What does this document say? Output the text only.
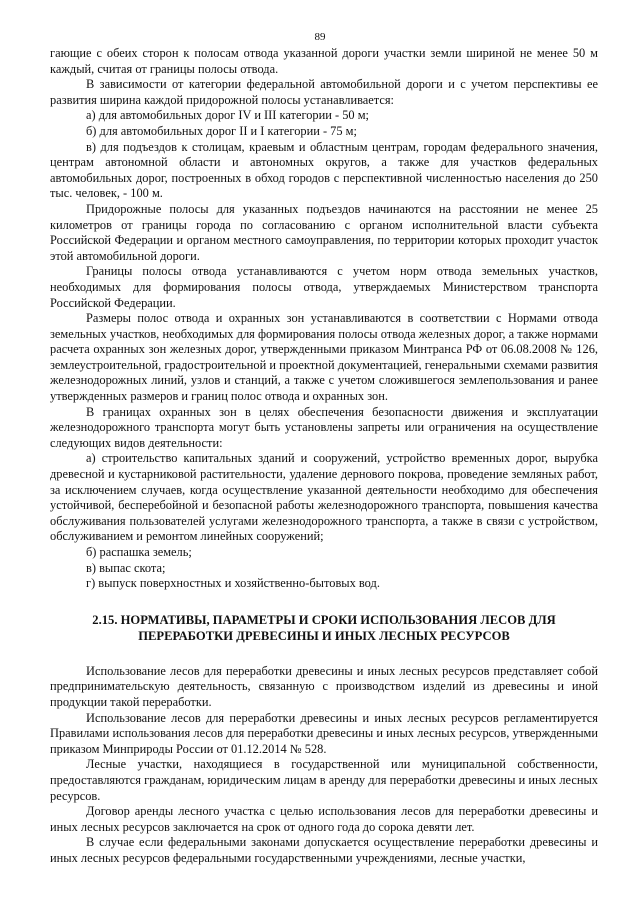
89

гающие с обеих сторон к полосам отвода указанной дороги участки земли шириной не менее 50 м каждый, считая от границы полосы отвода.

В зависимости от категории федеральной автомобильной дороги и с учетом перспективы ее развития ширина каждой придорожной полосы устанавливается:

а) для автомобильных дорог IV и III категории - 50 м;

б) для автомобильных дорог II и I категории - 75 м;

в) для подъездов к столицам, краевым и областным центрам, городам федерального значения, центрам автономной области и автономных округов, а также для участков федеральных автомобильных дорог, построенных в обход городов с перспективной численностью населения до 250 тыс. человек, - 100 м.

Придорожные полосы для указанных подъездов начинаются на расстоянии не менее 25 километров от границы города по согласованию с органом исполнительной власти субъекта Российской Федерации и органом местного самоуправления, по территории которых проходит участок этой автомобильной дороги.

Границы полосы отвода устанавливаются с учетом норм отвода земельных участков, необходимых для формирования полосы отвода, утверждаемых Министерством транспорта Российской Федерации.

Размеры полос отвода и охранных зон устанавливаются в соответствии с Нормами отвода земельных участков, необходимых для формирования полосы отвода железных дорог, а также нормами расчета охранных зон железных дорог, утвержденными приказом Минтранса РФ от 06.08.2008 № 126, землеустроительной, градостроительной и проектной документацией, генеральными схемами развития железнодорожных линий, узлов и станций, а также с учетом сложившегося землепользования и ранее утвержденных размеров и границ полос отвода и охранных зон.

В границах охранных зон в целях обеспечения безопасности движения и эксплуатации железнодорожного транспорта могут быть установлены запреты или ограничения на осуществление следующих видов деятельности:

а) строительство капитальных зданий и сооружений, устройство временных дорог, вырубка древесной и кустарниковой растительности, удаление дернового покрова, проведение земляных работ, за исключением случаев, когда осуществление указанной деятельности необходимо для обеспечения устойчивой, бесперебойной и безопасной работы железнодорожного транспорта, повышения качества обслуживания пользователей услугами железнодорожного транспорта, а также в связи с устройством, обслуживанием и ремонтом линейных сооружений;

б) распашка земель;

в) выпас скота;

г) выпуск поверхностных и хозяйственно-бытовых вод.

2.15. НОРМАТИВЫ, ПАРАМЕТРЫ И СРОКИ ИСПОЛЬЗОВАНИЯ ЛЕСОВ ДЛЯ ПЕРЕРАБОТКИ ДРЕВЕСИНЫ И ИНЫХ ЛЕСНЫХ РЕСУРСОВ

Использование лесов для переработки древесины и иных лесных ресурсов представляет собой предпринимательскую деятельность, связанную с производством изделий из древесины и иной продукции такой переработки.

Использование лесов для переработки древесины и иных лесных ресурсов регламентируется Правилами использования лесов для переработки древесины и иных лесных ресурсов, утвержденными приказом Минприроды России от 01.12.2014 № 528.

Лесные участки, находящиеся в государственной или муниципальной собственности, предоставляются гражданам, юридическим лицам в аренду для переработки древесины и иных лесных ресурсов.

Договор аренды лесного участка с целью использования лесов для переработки древесины и иных лесных ресурсов заключается на срок от одного года до сорока девяти лет.

В случае если федеральными законами допускается осуществление переработки древесины и иных лесных ресурсов федеральными государственными учреждениями, лесные участки,
